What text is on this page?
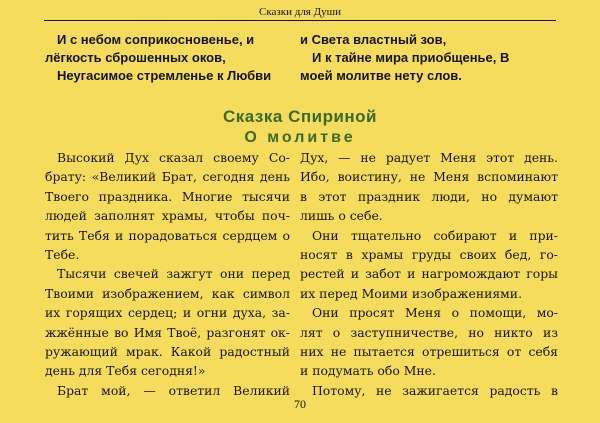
Сказки для Души
И с небом соприкосновенье, и
лёгкость сброшенных оков,
Неугасимое стремленье к Любви
и Света властный зов,
И к тайне мира приобщенье, В
моей молитве нету слов.
Сказка Спириной
О молитве
Высокий Дух сказал своему Со-
брату: «Великий Брат, сегодня день
Твоего праздника. Многие тысячи
людей заполнят храмы, чтобы поч-
тить Тебя и порадоваться сердцем о
Тебе.
Тысячи свечей зажгут они перед
Твоими изображением, как символ
их горящих сердец; и огни духа, за-
жжённые во Имя Твоё, разгонят ок-
ружающий мрак. Какой радостный
день для Тебя сегодня!»
Брат мой, — ответил Великий
Дух, — не радует Меня этот день.
Ибо, воистину, не Меня вспоминают
в этот праздник люди, но думают
лишь о себе.
Они тщательно собирают и при-
носят в храмы груды своих бед, го-
рестей и забот и нагромождают горы
их перед Моими изображениями.
Они просят Меня о помощи, мо-
лят о заступничестве, но никто из
них не пытается отрешиться от себя
и подумать обо Мне.
Потому, не зажигается радость в
70
